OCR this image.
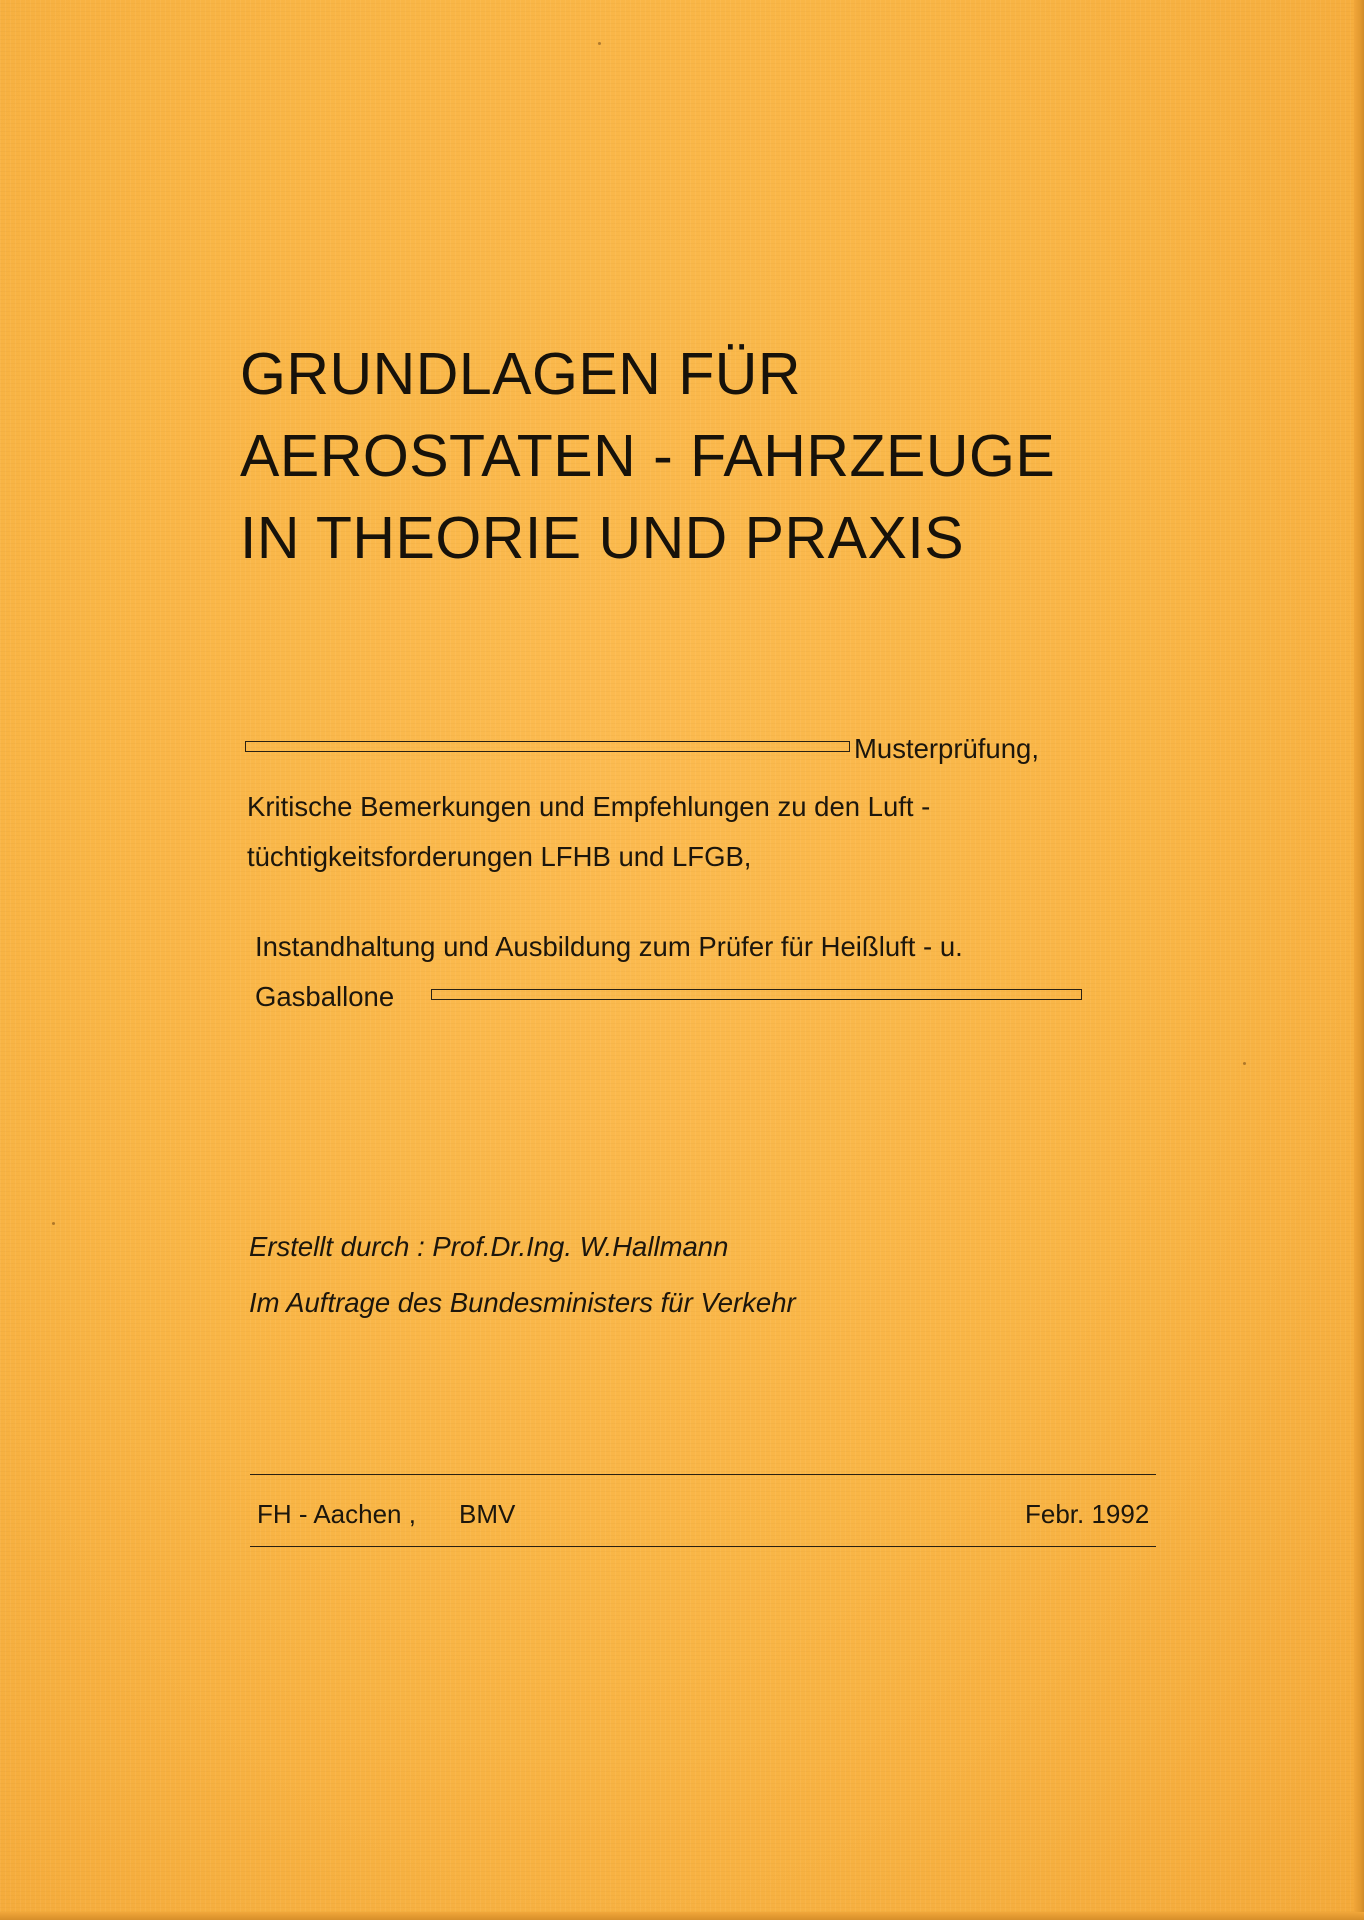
GRUNDLAGEN FÜR
AEROSTATEN - FAHRZEUGE
IN THEORIE UND PRAXIS
Musterprüfung,
Kritische Bemerkungen und Empfehlungen zu den Luft -
tüchtigkeitsforderungen LFHB und LFGB,
Instandhaltung und Ausbildung zum Prüfer für Heißluft - u.
Gasballone
Erstellt durch : Prof.Dr.Ing. W.Hallmann
Im Auftrage des Bundesministers für Verkehr
FH - Aachen , BMV	Febr. 1992
